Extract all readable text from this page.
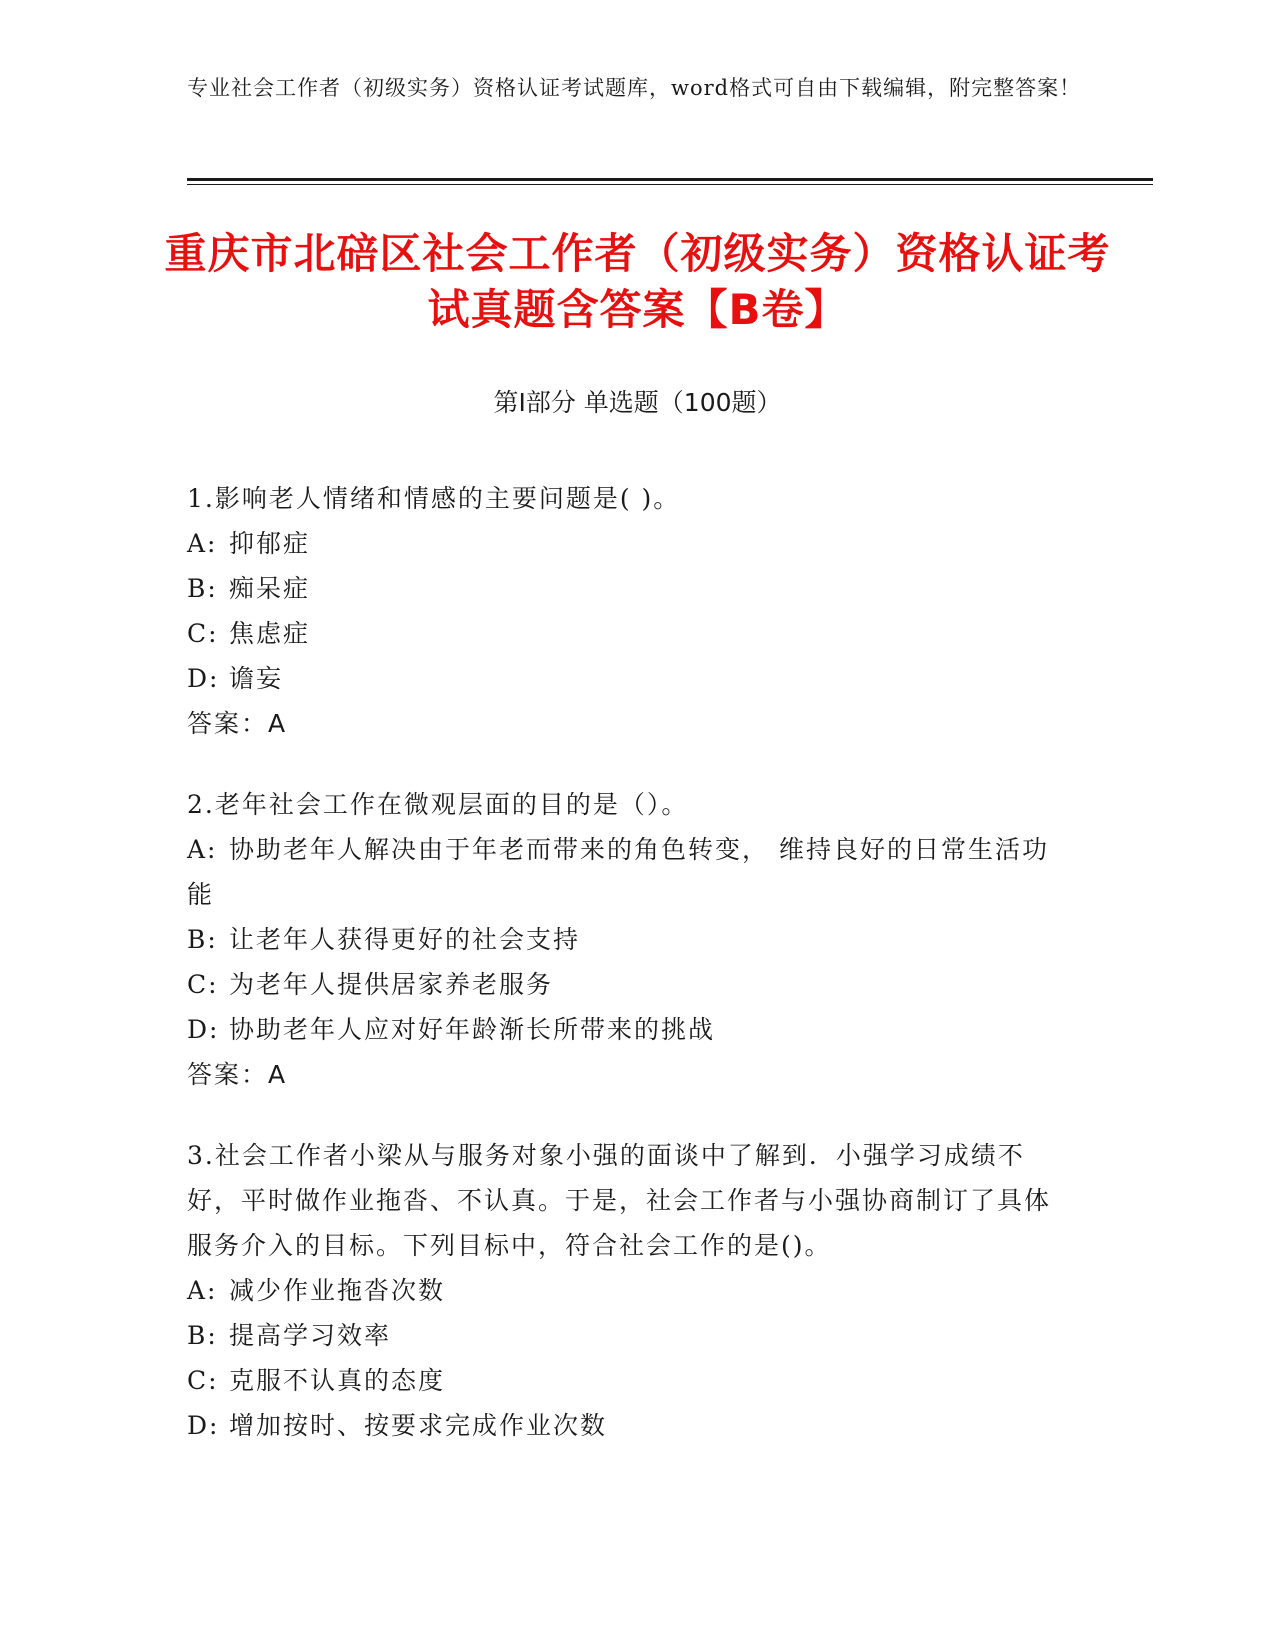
专业社会工作者（初级实务）资格认证考试题库，word格式可自由下载编辑，附完整答案！
重庆市北碚区社会工作者（初级实务）资格认证考试真题含答案【B卷】
第Ⅰ部分 单选题（100题）

1.影响老人情绪和情感的主要问题是( )。

A: 抑郁症

B: 痴呆症

C: 焦虑症

D: 谵妄

答案：A

2.老年社会工作在微观层面的目的是（）。

A: 协助老年人解决由于年老而带来的角色转变， 维持良好的日常生活功能

B: 让老年人获得更好的社会支持

C: 为老年人提供居家养老服务

D: 协助老年人应对好年龄渐长所带来的挑战

答案：A

3.社会工作者小梁从与服务对象小强的面谈中了解到．小强学习成绩不好，平时做作业拖沓、不认真。于是，社会工作者与小强协商制订了具体服务介入的目标。下列目标中，符合社会工作的是()。

A: 减少作业拖沓次数

B: 提高学习效率

C: 克服不认真的态度

D: 增加按时、按要求完成作业次数
